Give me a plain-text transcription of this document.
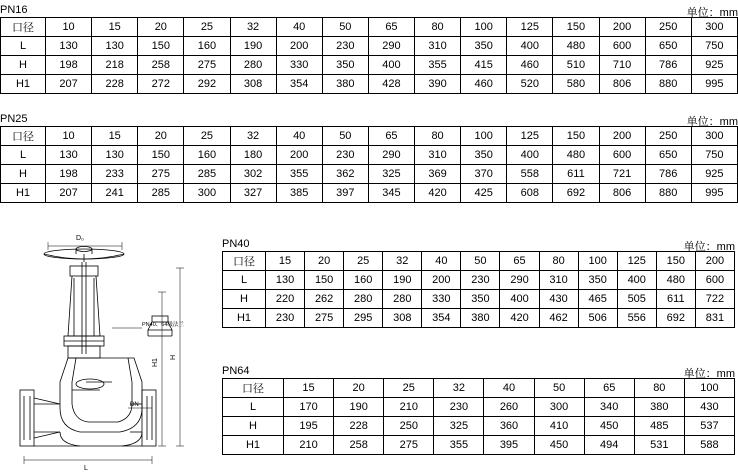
PN16	单位：mm
口径	10	15	20	25	32	40	50	65	80	100	125	150	200	250	300
L	130	130	150	160	190	200	230	290	310	350	400	480	600	650	750
H	198	218	258	275	280	330	350	400	355	415	460	510	710	786	925
H1	207	228	272	292	308	354	380	428	390	460	520	580	806	880	995
PN25	单位：mm
口径	10	15	20	25	32	40	50	65	80	100	125	150	200	250	300
L	130	130	150	160	180	200	230	290	310	350	400	480	600	650	750
H	198	233	275	285	302	355	362	325	369	370	558	611	721	786	925
H1	207	241	285	300	327	385	397	345	420	425	608	692	806	880	995
PN40	单位：mm
口径	15	20	25	32	40	50	65	80	100	125	150	200
L	130	150	160	190	200	230	290	310	350	400	480	600
H	220	262	280	280	330	350	400	430	465	505	611	722
H1	230	275	295	308	354	380	420	462	506	556	692	831
PN64	单位：mm
口径	15	20	25	32	40	50	65	80	100
L	170	190	210	230	260	300	340	380	430
H	195	228	250	325	360	410	450	485	537
H1	210	258	275	355	395	450	494	531	588
D₀
PN40、64级法兰
H1
H
L
DN
